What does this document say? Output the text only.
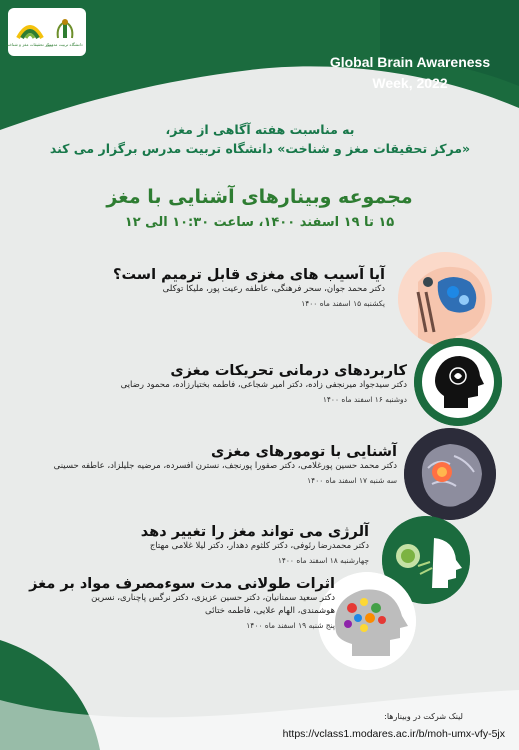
مرکز تحقیقات مغز و شناخت
دانشگاه تربیت مدرس
Global Brain Awareness
Week, 2022
به مناسبت هفته آگاهی از مغز،
«مرکز تحقیقات مغز و شناخت» دانشگاه تربیت مدرس برگزار می کند
مجموعه وبینارهای آشنایی با مغز
۱۵ تا ۱۹ اسفند ۱۴۰۰، ساعت ۱۰:۳۰ الی ۱۲
آیا آسیب های مغزی قابل ترمیم است؟
دکتر محمد جوان، سحر فرهنگی، عاطفه رعیت پور، ملیکا توکلی
یکشنبه ۱۵ اسفند ماه ۱۴۰۰
کاربردهای درمانی تحریکات مغزی
دکتر سیدجواد میرنجفی زاده، دکتر امیر شجاعی، فاطمه بختیارزاده، محمود رضایی
دوشنبه ۱۶ اسفند ماه ۱۴۰۰
آشنایی با تومورهای مغزی
دکتر محمد حسین پورغلامی، دکتر صفورا پورنجف، نسترن افسرده، مرضیه جلیلزاد، عاطفه حسینی
سه شنبه ۱۷ اسفند ماه ۱۴۰۰
آلرژی می تواند مغز را تغییر دهد
دکتر محمدرضا رئوفی، دکتر کلثوم دهدار، دکتر لیلا غلامی مهتاج
چهارشنبه ۱۸ اسفند ماه ۱۴۰۰
اثرات طولانی مدت سوءمصرف مواد بر مغز
دکتر سعید سمنانیان، دکتر حسین عزیزی، دکتر نرگس پاچناری، نسرین
هوشمندی، الهام علایی، فاطمه ختائی
پنج شنبه ۱۹ اسفند ماه ۱۴۰۰
لینک شرکت در وبینارها:
https://vclass1.modares.ac.ir/b/moh-umx-vfy-5jx
